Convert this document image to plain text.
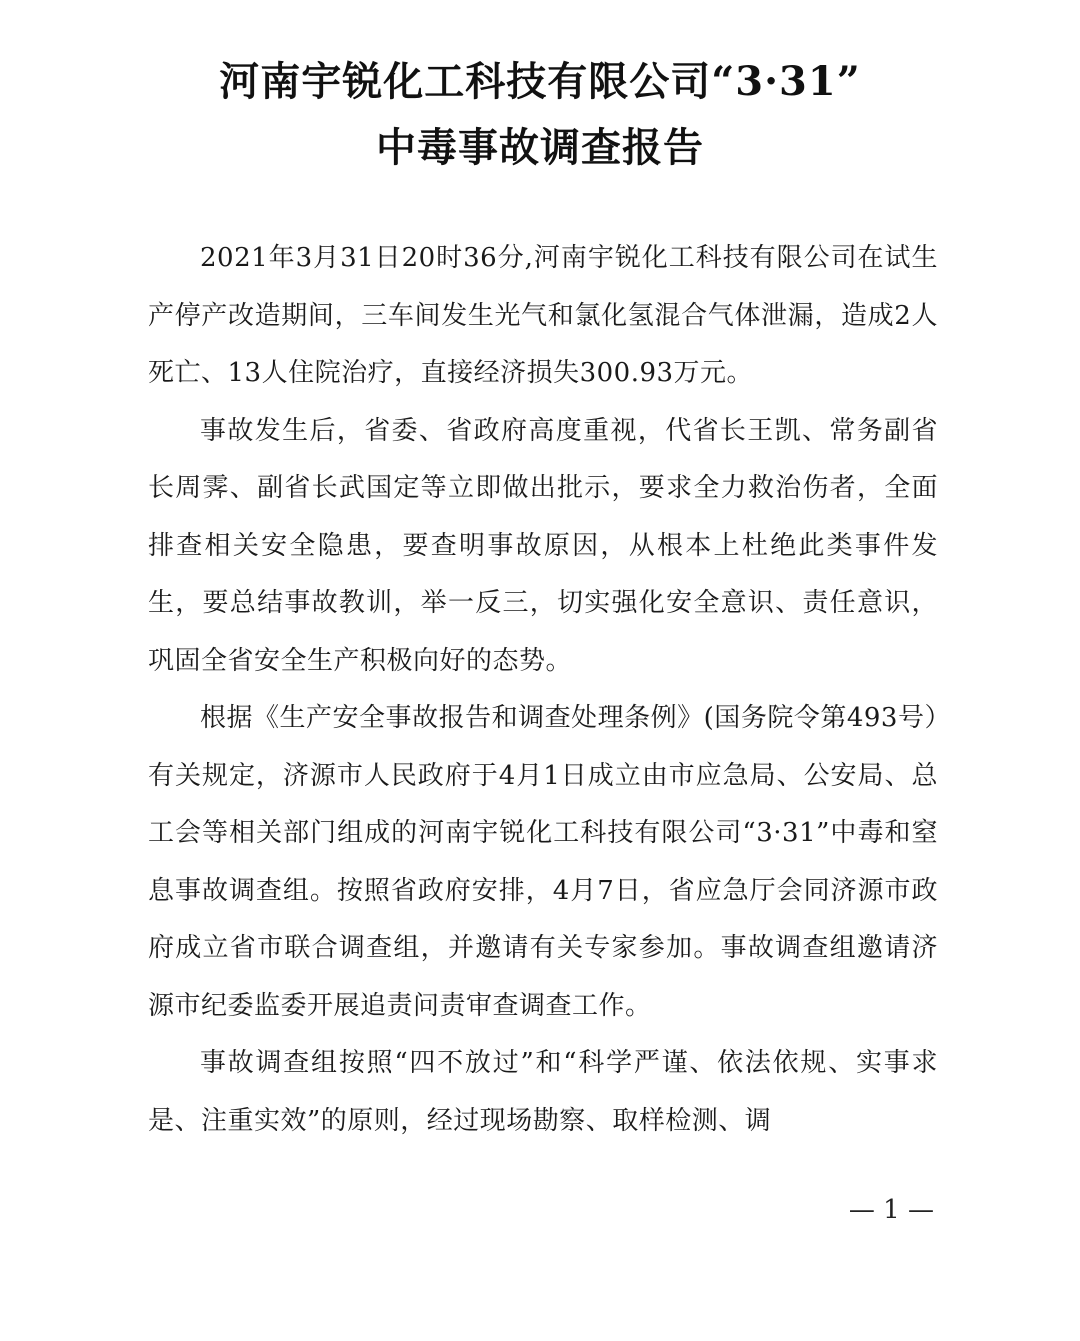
河南宇锐化工科技有限公司“3·31”
中毒事故调查报告

2021年3月31日20时36分,河南宇锐化工科技有限公司在试生产停产改造期间，三车间发生光气和氯化氢混合气体泄漏，造成2人死亡、13人住院治疗，直接经济损失300.93万元。

事故发生后，省委、省政府高度重视，代省长王凯、常务副省长周霁、副省长武国定等立即做出批示，要求全力救治伤者，全面排查相关安全隐患，要查明事故原因，从根本上杜绝此类事件发生，要总结事故教训，举一反三，切实强化安全意识、责任意识，巩固全省安全生产积极向好的态势。

根据《生产安全事故报告和调查处理条例》(国务院令第493号）有关规定，济源市人民政府于4月1日成立由市应急局、公安局、总工会等相关部门组成的河南宇锐化工科技有限公司“3·31”中毒和窒息事故调查组。按照省政府安排，4月7日，省应急厅会同济源市政府成立省市联合调查组，并邀请有关专家参加。事故调查组邀请济源市纪委监委开展追责问责审查调查工作。

事故调查组按照“四不放过”和“科学严谨、依法依规、实事求是、注重实效”的原则，经过现场勘察、取样检测、调

— 1 —
